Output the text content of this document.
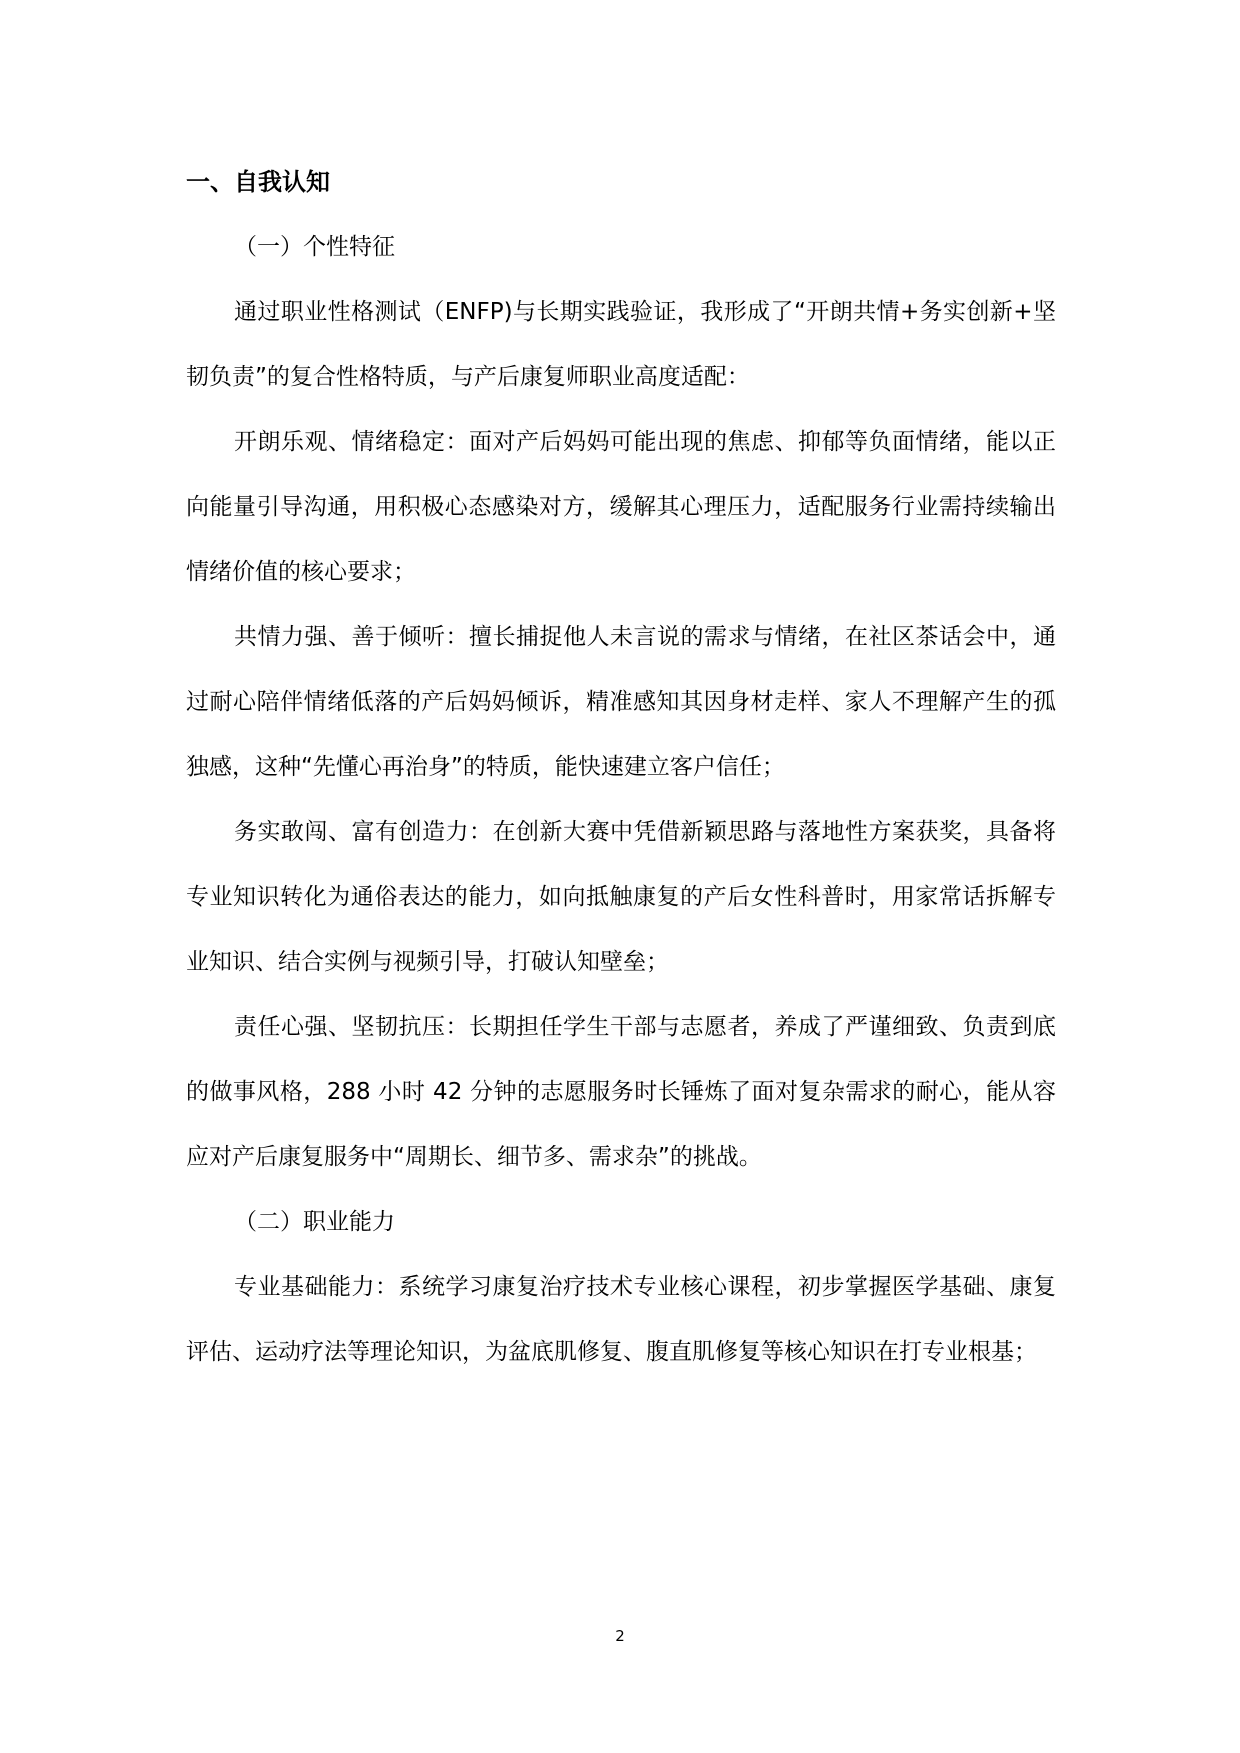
一、自我认知

（一）个性特征

通过职业性格测试（ENFP)与长期实践验证，我形成了“开朗共情+务实创新+坚韧负责”的复合性格特质，与产后康复师职业高度适配：

开朗乐观、情绪稳定：面对产后妈妈可能出现的焦虑、抑郁等负面情绪，能以正向能量引导沟通，用积极心态感染对方，缓解其心理压力，适配服务行业需持续输出情绪价值的核心要求；

共情力强、善于倾听：擅长捕捉他人未言说的需求与情绪，在社区茶话会中，通过耐心陪伴情绪低落的产后妈妈倾诉，精准感知其因身材走样、家人不理解产生的孤独感，这种“先懂心再治身”的特质，能快速建立客户信任；

务实敢闯、富有创造力：在创新大赛中凭借新颖思路与落地性方案获奖，具备将专业知识转化为通俗表达的能力，如向抵触康复的产后女性科普时，用家常话拆解专业知识、结合实例与视频引导，打破认知壁垒；

责任心强、坚韧抗压：长期担任学生干部与志愿者，养成了严谨细致、负责到底的做事风格，288 小时 42 分钟的志愿服务时长锤炼了面对复杂需求的耐心，能从容应对产后康复服务中“周期长、细节多、需求杂”的挑战。

（二）职业能力

专业基础能力：系统学习康复治疗技术专业核心课程，初步掌握医学基础、康复评估、运动疗法等理论知识，为盆底肌修复、腹直肌修复等核心知识在打专业根基；

2
